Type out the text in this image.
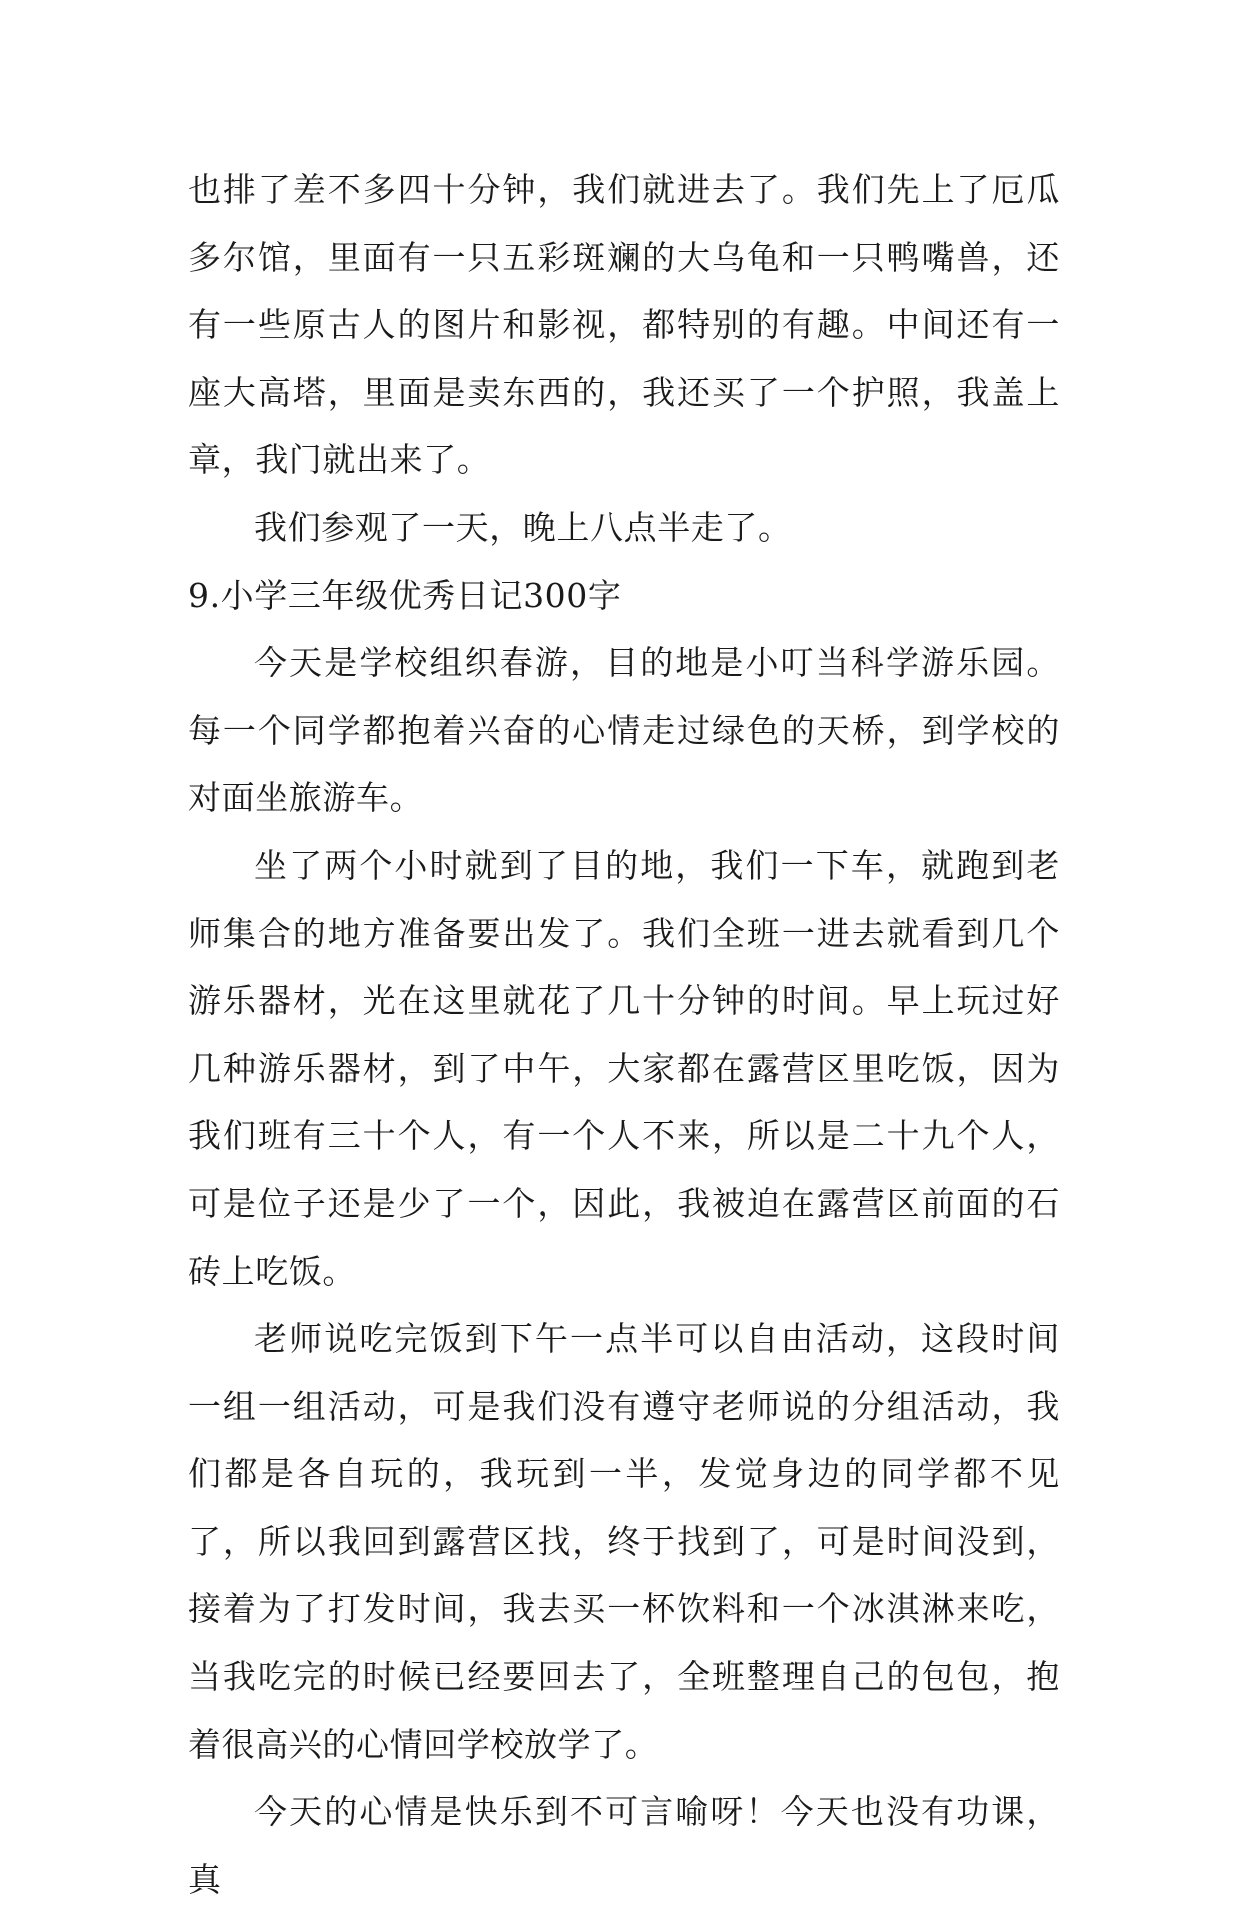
也排了差不多四十分钟，我们就进去了。我们先上了厄瓜多尔馆，里面有一只五彩斑斓的大乌龟和一只鸭嘴兽，还有一些原古人的图片和影视，都特别的有趣。中间还有一座大高塔，里面是卖东西的，我还买了一个护照，我盖上章，我门就出来了。

我们参观了一天，晚上八点半走了。

9.小学三年级优秀日记300字

今天是学校组织春游，目的地是小叮当科学游乐园。每一个同学都抱着兴奋的心情走过绿色的天桥，到学校的对面坐旅游车。

坐了两个小时就到了目的地，我们一下车，就跑到老师集合的地方准备要出发了。我们全班一进去就看到几个游乐器材，光在这里就花了几十分钟的时间。早上玩过好几种游乐器材，到了中午，大家都在露营区里吃饭，因为我们班有三十个人，有一个人不来，所以是二十九个人，可是位子还是少了一个，因此，我被迫在露营区前面的石砖上吃饭。

老师说吃完饭到下午一点半可以自由活动，这段时间一组一组活动，可是我们没有遵守老师说的分组活动，我们都是各自玩的，我玩到一半，发觉身边的同学都不见了，所以我回到露营区找，终于找到了，可是时间没到，接着为了打发时间，我去买一杯饮料和一个冰淇淋来吃，当我吃完的时候已经要回去了，全班整理自己的包包，抱着很高兴的心情回学校放学了。

今天的心情是快乐到不可言喻呀！今天也没有功课，真
